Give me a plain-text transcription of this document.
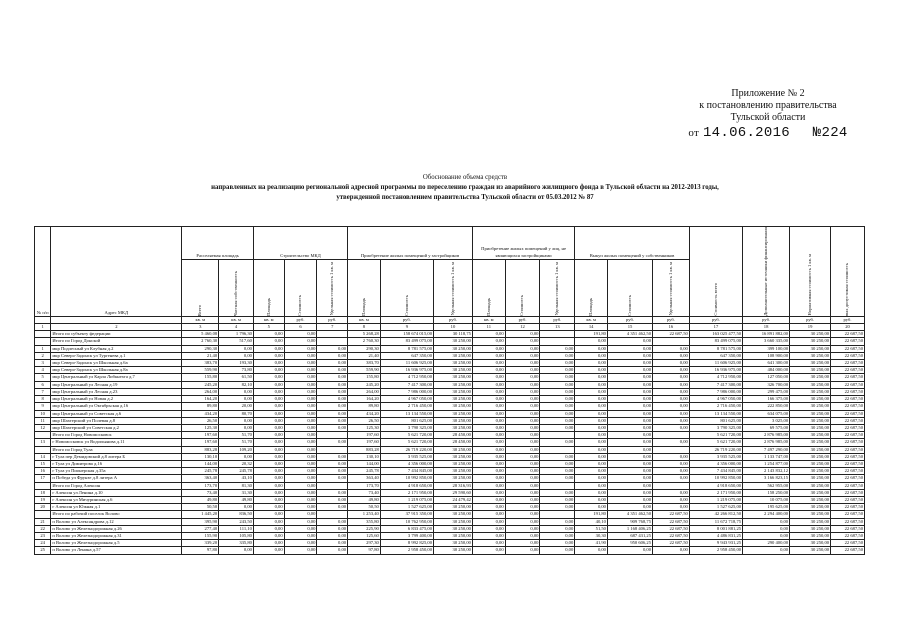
Приложение № 2
к постановлению правительства
Тульской области
от 14.06.2016 №224
Обоснование объема средств
направленных на реализацию региональной адресной программы по переселению граждан из аварийного жилищного фонда в Тульской области на 2012-2013 годы,
утвержденной постановлением правительства Тульской области от 05.03.2012 № 87
№ п/п	Адрес МКД	Расселяемая площадь		Строительство МКД			Приобретение жилых помещений у застройщиков			Приобретение жилых помещений у лиц, не являющихся застройщиками			Выкуп жилых помещений у собственников			Стоимость всего	Дополнительные источники финансирования	Нормативная стоимость 1 кв. м	max допустимая стоимость

		Всего	Частная собственность	Площадь	Стоимость	Удельная стоимость 1 кв. м	Площадь	Стоимость	Удельная стоимость 1 кв. м	Площадь	Стоимость	Удельная стоимость 1 кв. м	Площадь	Стоимость	Удельная стоимость 1 кв. м				

		кв. м	кв. м	кв. м	руб.	руб.	кв. м	руб.	руб.	кв. м	руб.	руб.	кв. м	руб.	руб.	руб.	руб.	руб.	руб.
1	2	3	4	5	6	7	8	9	10	11	12	13	14	15	16	17	18	19	20
	Итого по субъекту федерации	5 460,08	1 796,30	0,00	0,00		5 268,28	158 674 015,00	30 118,75	0,00	0,00		191,80	4 351 462,50	22 687,50	163 025 477,50	16 891 882,00	30 250,00	22 687,50
	Итого по Город Донской	2 760,30	517,60	0,00	0,00		2 760,30	83 499 075,00	30 250,00	0,00	0,00		0,00	0,00		83 499 075,00	3 660 335,00	30 250,00	22 687,50
1	мкр Подлесный ул Клубная д.2	290,30	0,00	0,00	0,00	0,00	290,30	8 781 575,00	30 250,00	0,00	0,00	0,00	0,00	0,00	0,00	8 781 575,00	399 100,00	30 250,00	22 687,50
2	мкр Северо-Задонск ул Тургенева д.1	21,40	0,00	0,00	0,00	0,00	21,40	647 350,00	30 250,00	0,00	0,00	0,00	0,00	0,00	0,00	647 350,00	108 900,00	30 250,00	22 687,50
3	мкр Северо-Задонск ул Школьная д.6а	383,70	193,30	0,00	0,00	0,00	383,70	11 606 925,00	30 250,00	0,00	0,00	0,00	0,00	0,00	0,00	11 606 925,00	641 300,00	30 250,00	22 687,50
4	мкр Северо-Задонск ул Школьная д.8а	559,90	73,80	0,00	0,00	0,00	559,90	16 936 975,00	30 250,00	0,00	0,00	0,00	0,00	0,00	0,00	16 936 975,00	484 000,00	30 250,00	22 687,50
5	мкр Центральный ул Карла Либкнехта д.7	155,80	61,50	0,00	0,00	0,00	155,80	4 712 950,00	30 250,00	0,00	0,00	0,00	0,00	0,00	0,00	4 712 950,00	127 050,00	30 250,00	22 687,50
6	мкр Центральный ул Лесная д.19	245,20	82,10	0,00	0,00	0,00	245,20	7 417 300,00	30 250,00	0,00	0,00	0,00	0,00	0,00	0,00	7 417 300,00	326 700,00	30 250,00	22 687,50
7	мкр Центральный ул Лесная д.23	264,00	0,00	0,00	0,00	0,00	264,00	7 986 000,00	30 250,00	0,00	0,00	0,00	0,00	0,00	0,00	7 986 000,00	299 475,00	30 250,00	22 687,50
8	мкр Центральный ул Новая д.2	164,20	0,00	0,00	0,00	0,00	164,20	4 967 050,00	30 250,00	0,00	0,00	0,00	0,00	0,00	0,00	4 967 050,00	166 375,00	30 250,00	22 687,50
9	мкр Центральный ул Октябрьская д.16	89,80	20,00	0,00	0,00	0,00	89,80	2 716 450,00	30 250,00	0,00	0,00	0,00	0,00	0,00	0,00	2 716 450,00	222 850,00	30 250,00	22 687,50
10	мкр Центральный ул Советская д.6	434,20	80,70	0,00	0,00	0,00	434,20	13 134 550,00	30 250,00	0,00	0,00	0,00	0,00	0,00	0,00	13 134 550,00	634 075,00	30 250,00	22 687,50
11	мкр Шахтерский ул Полевая д.8	26,50	0,00	0,00	0,00	0,00	26,50	801 625,00	30 250,00	0,00	0,00	0,00	0,00	0,00	0,00	801 625,00	3 025,00	30 250,00	22 687,50
12	мкр Шахтерский ул Советская д.2	125,30	0,00	0,00	0,00	0,00	125,30	3 790 325,00	30 250,00	0,00	0,00	0,00	0,00	0,00	0,00	3 790 325,00	69 575,00	30 250,00	22 687,50
	Итого по Город Новомосковск	197,60	51,70	0,00	0,00		197,60	5 621 720,00	28 450,00	0,00	0,00		0,00	0,00		5 621 720,00	2 876 985,00	30 250,00	22 687,50
13	г Новомосковск ул Водопьянова д.11	197,60	51,70	0,00	0,00	0,00	197,60	5 621 720,00	28 450,00	0,00	0,00	0,00	0,00	0,00	0,00	5 621 720,00	2 876 985,00	30 250,00	22 687,50
	Итого по Город Тула	883,28	109,20	0,00	0,00		883,28	26 719 220,00	30 250,00	0,00	0,00		0,00	0,00		26 719 220,00	7 497 290,00	30 250,00	22 687,50
14	г Тула пер Демидовский д.8 литера Б	130,10	0,00	0,00	0,00	0,00	130,10	3 935 525,00	30 250,00	0,00	0,00	0,00	0,00	0,00	0,00	3 935 525,00	1 133 747,00	30 250,00	22 687,50
15	г Тула ул Димитрова д.16	144,00	20,32	0,00	0,00	0,00	144,00	4 356 000,00	30 250,00	0,00	0,00	0,00	0,00	0,00	0,00	4 356 000,00	1 254 877,00	30 250,00	22 687,50
16	г Тула ул Пионерская д.35а	245,78	245,78	0,00	0,00	0,00	245,78	7 434 845,00	30 250,00	0,00	0,00	0,00	0,00	0,00	0,00	7 434 845,00	2 143 832,12	30 250,00	22 687,50
17	п Победа ул Фрунзе д.8 литера А	363,40	43,10	0,00	0,00	0,00	363,40	10 992 850,00	30 250,00	0,00	0,00	0,00	0,00	0,00	0,00	10 992 850,00	3 166 823,15	30 250,00	22 687,50
	Итого по Город Алексин	173,70	81,30	0,00	0,00		173,70	4 918 650,00	28 316,93	0,00	0,00		0,00	0,00		4 918 650,00	562 955,00	30 250,00	22 687,50
18	г Алексин ул Ленина д.10	73,40	31,30	0,00	0,00	0,00	73,40	2 171 950,00	29 590,60	0,00	0,00	0,00	0,00	0,00	0,00	2 171 950,00	158 250,00	30 250,00	22 687,50
19	г Алексин ул Мичуринская д.6	49,80	49,80	0,00	0,00	0,00	49,80	1 219 075,00	24 479,42	0,00	0,00	0,00	0,00	0,00	0,00	1 219 075,00	10 075,00	30 250,00	22 687,50
20	г Алексин ул Южная д.1	50,50	0,00	0,00	0,00	0,00	50,50	1 527 625,00	30 250,00	0,00	0,00	0,00	0,00	0,00	0,00	1 527 625,00	195 625,00	30 250,00	22 687,50
	Итого по рабочий поселок Волово	1 445,20	836,50	0,00	0,00		1 253,40	37 915 350,00	30 250,00	0,00	0,00		191,80	4 351 462,50	22 687,50	42 266 812,50	2 294 400,00	30 250,00	22 687,50
21	п Волово ул Александрова д.12	395,90	243,50	0,00	0,00	0,00	355,80	10 762 950,00	30 250,00	0,00	0,00	0,00	40,10	909 768,75	22 687,50	11 672 718,75	0,00	30 250,00	22 687,50
22	п Волово ул Железнодорожная д.26	277,40	111,10	0,00	0,00	0,00	225,90	6 833 475,00	30 250,00	0,00	0,00	0,00	51,50	1 168 406,25	22 687,50	8 001 881,25	0,00	30 250,00	22 687,50
23	п Волово ул Железнодорожная д.31	155,90	105,80	0,00	0,00	0,00	125,60	3 799 400,00	30 250,00	0,00	0,00	0,00	30,30	687 431,25	22 687,50	4 486 831,25	0,00	30 250,00	22 687,50
24	п Волово ул Железнодорожная д.5	339,20	335,80	0,00	0,00	0,00	297,30	8 992 825,00	30 250,00	0,00	0,00	0,00	41,90	950 606,25	22 687,50	9 943 931,25	290 400,00	30 250,00	22 687,50
25	п Волово ул Ленина д.57	97,80	0,00	0,00	0,00	0,00	97,80	2 958 450,00	30 250,00	0,00	0,00	0,00	0,00	0,00	0,00	2 958 450,00	0,00	30 250,00	22 687,50
